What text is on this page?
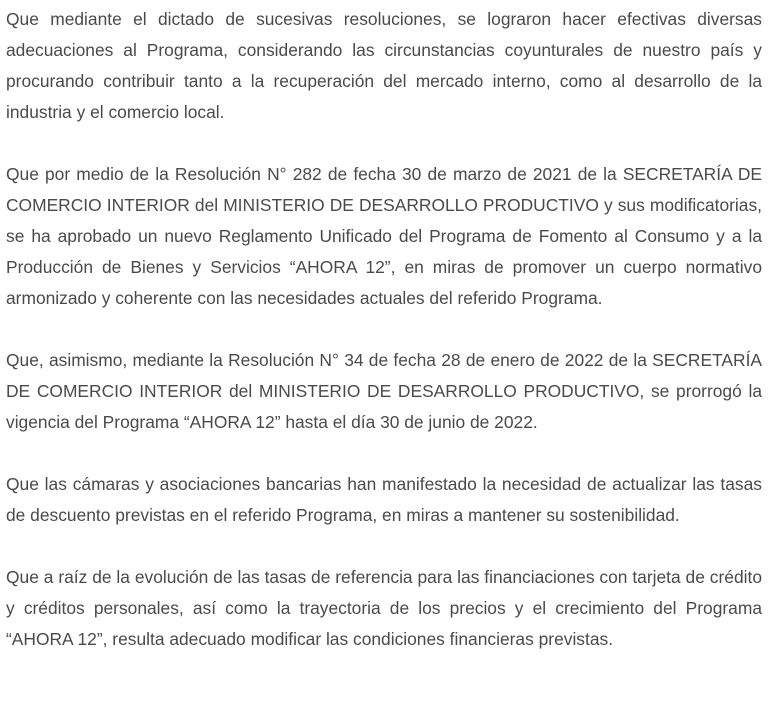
Que mediante el dictado de sucesivas resoluciones, se lograron hacer efectivas diversas adecuaciones al Programa, considerando las circunstancias coyunturales de nuestro país y procurando contribuir tanto a la recuperación del mercado interno, como al desarrollo de la industria y el comercio local.

Que por medio de la Resolución N° 282 de fecha 30 de marzo de 2021 de la SECRETARÍA DE COMERCIO INTERIOR del MINISTERIO DE DESARROLLO PRODUCTIVO y sus modificatorias, se ha aprobado un nuevo Reglamento Unificado del Programa de Fomento al Consumo y a la Producción de Bienes y Servicios “AHORA 12”, en miras de promover un cuerpo normativo armonizado y coherente con las necesidades actuales del referido Programa.

Que, asimismo, mediante la Resolución N° 34 de fecha 28 de enero de 2022 de la SECRETARÍA DE COMERCIO INTERIOR del MINISTERIO DE DESARROLLO PRODUCTIVO, se prorrogó la vigencia del Programa “AHORA 12” hasta el día 30 de junio de 2022.

Que las cámaras y asociaciones bancarias han manifestado la necesidad de actualizar las tasas de descuento previstas en el referido Programa, en miras a mantener su sostenibilidad.

Que a raíz de la evolución de las tasas de referencia para las financiaciones con tarjeta de crédito y créditos personales, así como la trayectoria de los precios y el crecimiento del Programa “AHORA 12”, resulta adecuado modificar las condiciones financieras previstas.
